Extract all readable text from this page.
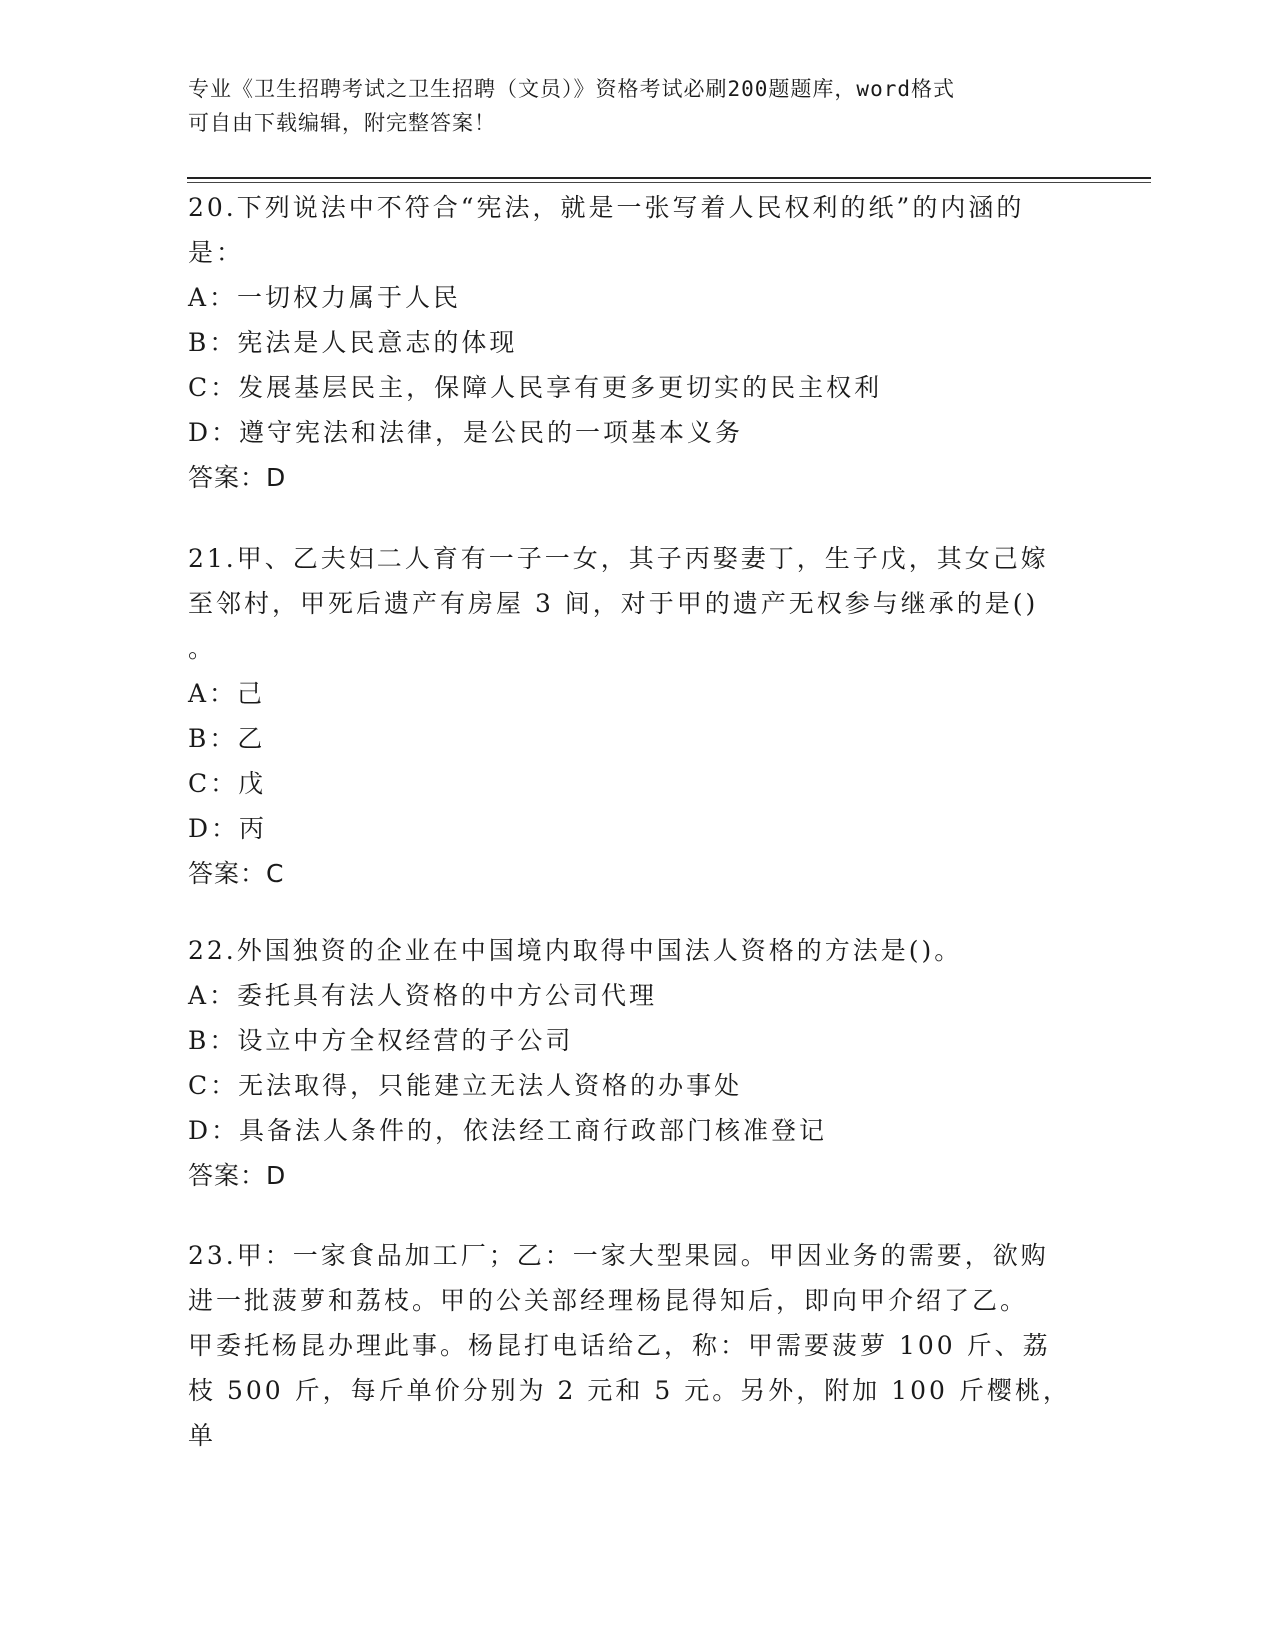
专业《卫生招聘考试之卫生招聘（文员）》资格考试必刷200题题库，word格式
可自由下载编辑，附完整答案！

20.下列说法中不符合“宪法，就是一张写着人民权利的纸”的内涵的

是：

A：一切权力属于人民

B：宪法是人民意志的体现

C：发展基层民主，保障人民享有更多更切实的民主权利

D：遵守宪法和法律，是公民的一项基本义务

答案：D

21.甲、乙夫妇二人育有一子一女，其子丙娶妻丁，生子戊，其女己嫁

至邻村，甲死后遗产有房屋 3 间，对于甲的遗产无权参与继承的是()

。

A：己

B：乙

C：戊

D：丙

答案：C

22.外国独资的企业在中国境内取得中国法人资格的方法是()。

A：委托具有法人资格的中方公司代理

B：设立中方全权经营的子公司

C：无法取得，只能建立无法人资格的办事处

D：具备法人条件的，依法经工商行政部门核准登记

答案：D

23.甲：一家食品加工厂；乙：一家大型果园。甲因业务的需要，欲购

进一批菠萝和荔枝。甲的公关部经理杨昆得知后，即向甲介绍了乙。

甲委托杨昆办理此事。杨昆打电话给乙，称：甲需要菠萝 100 斤、荔

枝 500 斤，每斤单价分别为 2 元和 5 元。另外，附加 100 斤樱桃，单
